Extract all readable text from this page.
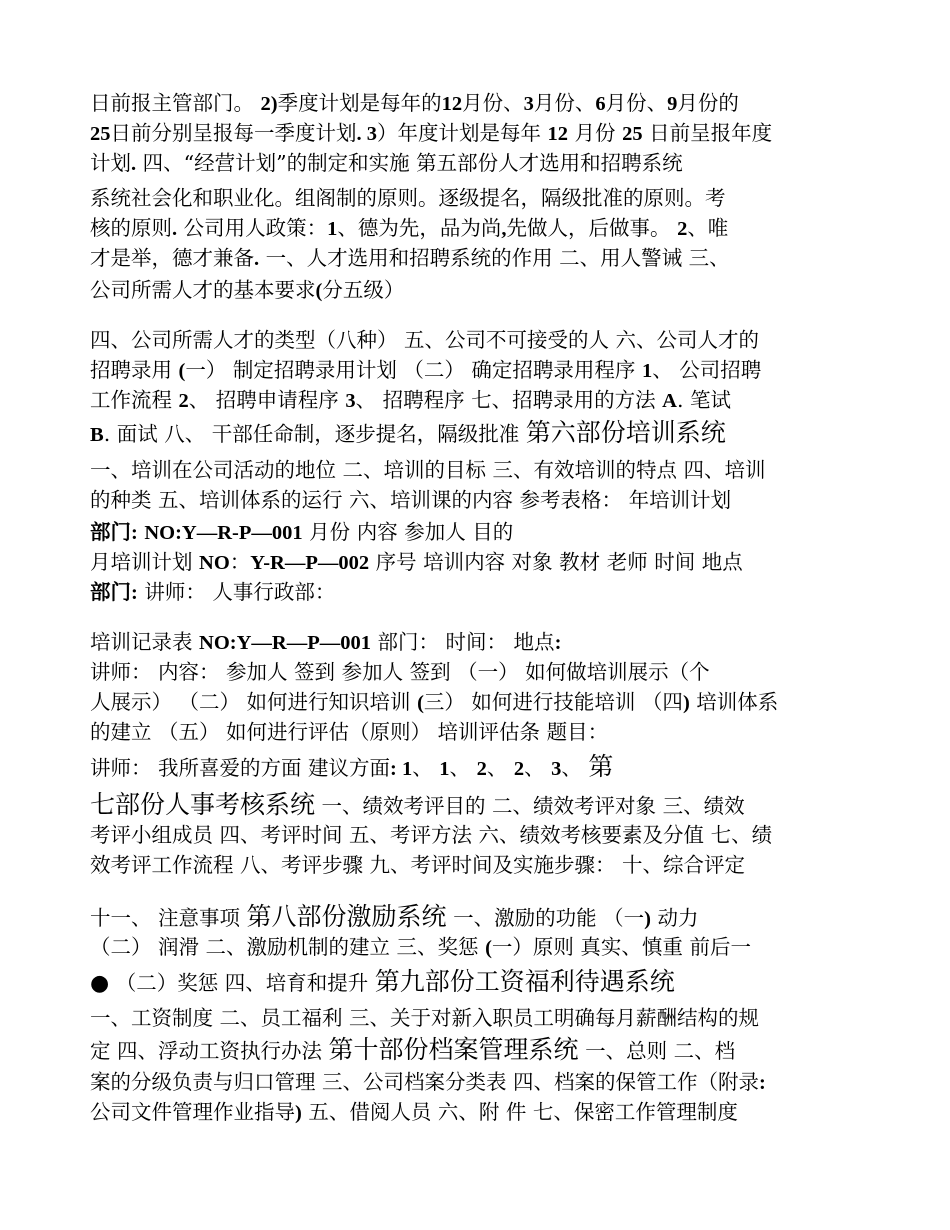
日前报主管部门。 2)季度计划是每年的12月份、3月份、6月份、9月份的
25日前分别呈报每一季度计划. 3）年度计划是每年 12 月份 25 日前呈报年度
计划. 四、“经营计划”的制定和实施 第五部份人才选用和招聘系统
系统社会化和职业化。组阁制的原则。逐级提名，隔级批准的原则。考
核的原则. 公司用人政策：1、德为先，品为尚,先做人，后做事。 2、唯
才是举，德才兼备. 一、人才选用和招聘系统的作用 二、用人警诫 三、
公司所需人才的基本要求(分五级）
四、公司所需人才的类型（八种） 五、公司不可接受的人 六、公司人才的
招聘录用 (一） 制定招聘录用计划 （二） 确定招聘录用程序 1、 公司招聘
工作流程 2、 招聘申请程序 3、 招聘程序 七、招聘录用的方法 A. 笔试
B. 面试 八、 干部任命制，逐步提名，隔级批准 第六部份培训系统
一、培训在公司活动的地位 二、培训的目标 三、有效培训的特点 四、培训
的种类 五、培训体系的运行 六、培训课的内容 参考表格： 年培训计划
部门: NO:Y—R-P—001 月份 内容 参加人 目的
月培训计划 NO：Y-R—P—002 序号 培训内容 对象 教材 老师 时间 地点
部门: 讲师： 人事行政部：
培训记录表 NO:Y—R—P—001 部门： 时间： 地点:
讲师： 内容： 参加人 签到 参加人 签到 （一） 如何做培训展示（个
人展示） （二） 如何进行知识培训 (三） 如何进行技能培训 （四) 培训体系
的建立 （五） 如何进行评估（原则） 培训评估条 题目：
讲师： 我所喜爱的方面 建议方面: 1、 1、 2、 2、 3、 第
七部份人事考核系统 一、绩效考评目的 二、绩效考评对象 三、绩效
考评小组成员 四、考评时间 五、考评方法 六、绩效考核要素及分值 七、绩
效考评工作流程 八、考评步骤 九、考评时间及实施步骤： 十、综合评定
十一、 注意事项 第八部份激励系统 一、激励的功能 （一) 动力
（二） 润滑 二、激励机制的建立 三、奖惩 (一）原则 真实、慎重 前后一
● （二）奖惩 四、培育和提升 第九部份工资福利待遇系统
一、工资制度 二、员工福利 三、关于对新入职员工明确每月薪酬结构的规
定 四、浮动工资执行办法 第十部份档案管理系统 一、总则 二、档
案的分级负责与归口管理 三、公司档案分类表 四、档案的保管工作（附录:
公司文件管理作业指导) 五、借阅人员 六、附 件 七、保密工作管理制度
